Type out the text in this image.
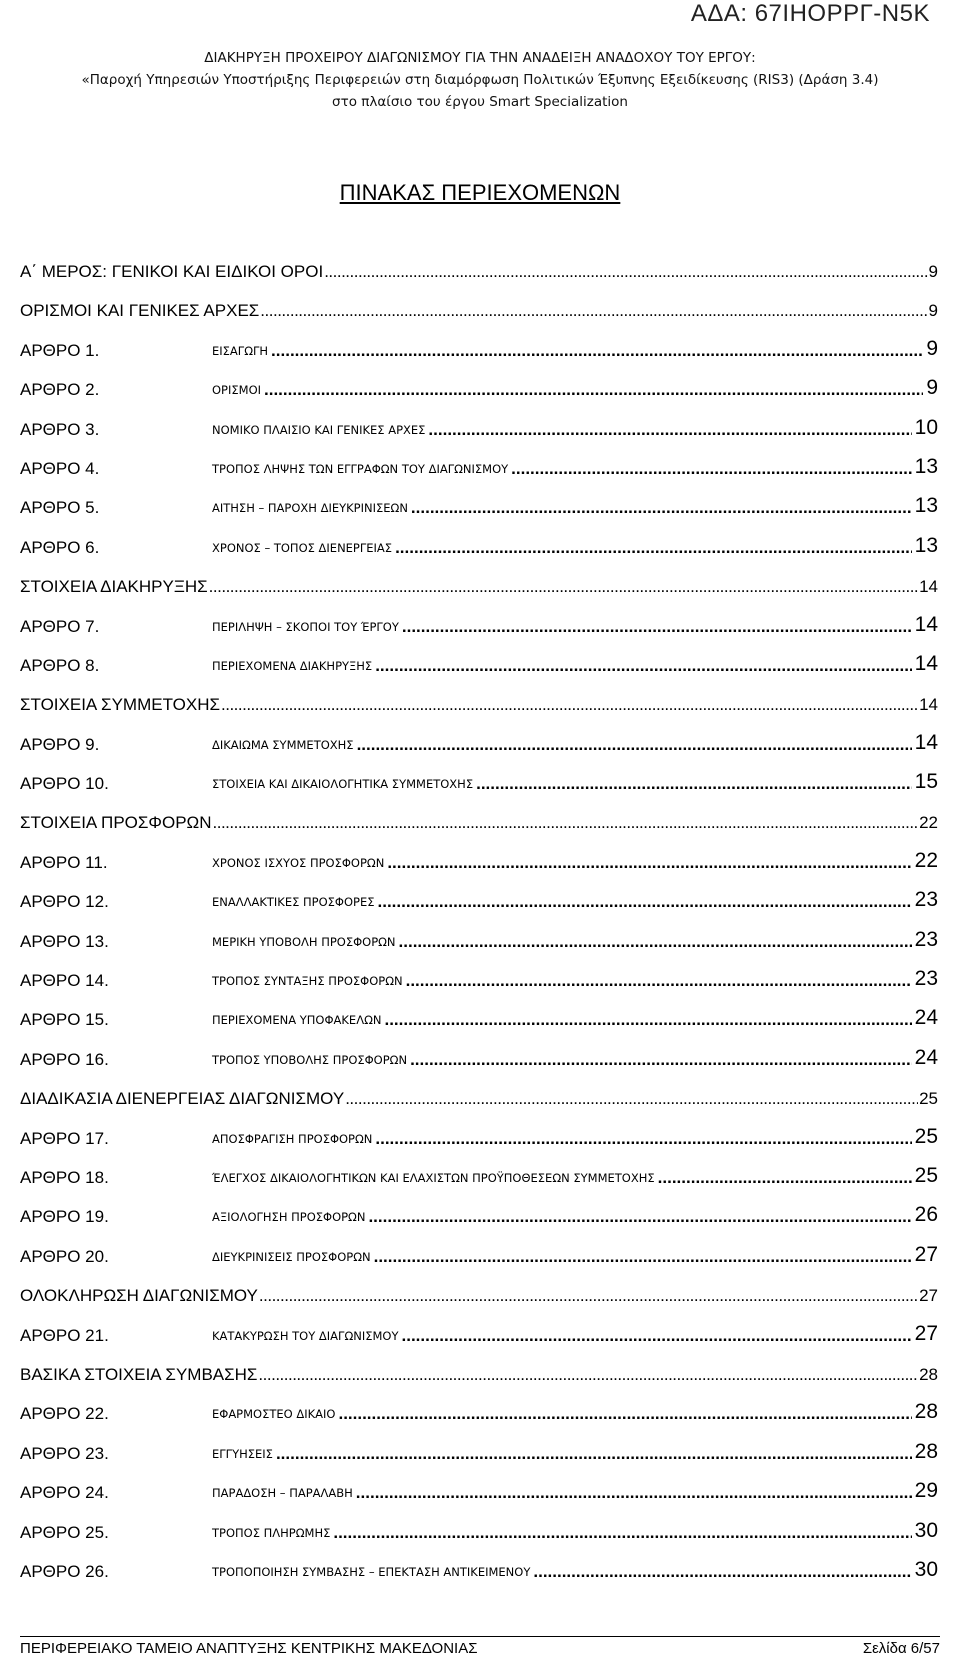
ΑΔΑ: 67ΙΗΟΡΡΓ-Ν5Κ
ΔΙΑΚΗΡΥΞΗ ΠΡΟΧΕΙΡΟΥ ΔΙΑΓΩΝΙΣΜΟΥ ΓΙΑ ΤΗΝ ΑΝΑΔΕΙΞΗ ΑΝΑΔΟΧΟΥ ΤΟΥ ΕΡΓΟΥ:
«Παροχή Υπηρεσιών Υποστήριξης Περιφερειών στη διαμόρφωση Πολιτικών Έξυπνης Εξειδίκευσης (RIS3) (Δράση 3.4)
στο πλαίσιο του έργου Smart Specialization
ΠΙΝΑΚΑΣ ΠΕΡΙΕΧΟΜΕΝΩΝ
Α΄ ΜΕΡΟΣ: ΓΕΝΙΚΟΙ ΚΑΙ ΕΙΔΙΚΟΙ ΟΡΟΙ .....	9
ΟΡΙΣΜΟΙ ΚΑΙ ΓΕΝΙΚΕΣ ΑΡΧΕΣ .....	9
ΑΡΘΡΟ 1.	ΕΙΣΑΓΩΓΗ .....	9
ΑΡΘΡΟ 2.	ΟΡΙΣΜΟΙ .....	9
ΑΡΘΡΟ 3.	ΝΟΜΙΚΟ ΠΛΑΙΣΙΟ ΚΑΙ ΓΕΝΙΚΕΣ ΑΡΧΕΣ .....	10
ΑΡΘΡΟ 4.	ΤΡΟΠΟΣ ΛΗΨΗΣ ΤΩΝ ΕΓΓΡΑΦΩΝ ΤΟΥ ΔΙΑΓΩΝΙΣΜΟΥ .....	13
ΑΡΘΡΟ 5.	ΑΙΤΗΣΗ – ΠΑΡΟΧΗ ΔΙΕΥΚΡΙΝΙΣΕΩΝ .....	13
ΑΡΘΡΟ 6.	ΧΡΟΝΟΣ – ΤΟΠΟΣ ΔΙΕΝΕΡΓΕΙΑΣ .....	13
ΣΤΟΙΧΕΙΑ ΔΙΑΚΗΡΥΞΗΣ .....	14
ΑΡΘΡΟ 7.	ΠΕΡΙΛΗΨΗ – ΣΚΟΠΟΙ ΤΟΥ ΈΡΓΟΥ .....	14
ΑΡΘΡΟ 8.	ΠΕΡΙΕΧΟΜΕΝΑ ΔΙΑΚΗΡΥΞΗΣ .....	14
ΣΤΟΙΧΕΙΑ ΣΥΜΜΕΤΟΧΗΣ .....	14
ΑΡΘΡΟ 9.	ΔΙΚΑΙΩΜΑ ΣΥΜΜΕΤΟΧΗΣ .....	14
ΑΡΘΡΟ 10.	ΣΤΟΙΧΕΙΑ ΚΑΙ ΔΙΚΑΙΟΛΟΓΗΤΙΚΑ ΣΥΜΜΕΤΟΧΗΣ .....	15
ΣΤΟΙΧΕΙΑ ΠΡΟΣΦΟΡΩΝ .....	22
ΑΡΘΡΟ 11.	ΧΡΟΝΟΣ ΙΣΧΥΟΣ ΠΡΟΣΦΟΡΩΝ .....	22
ΑΡΘΡΟ 12.	ΕΝΑΛΛΑΚΤΙΚΕΣ ΠΡΟΣΦΟΡΕΣ .....	23
ΑΡΘΡΟ 13.	ΜΕΡΙΚΗ ΥΠΟΒΟΛΗ ΠΡΟΣΦΟΡΩΝ .....	23
ΑΡΘΡΟ 14.	ΤΡΟΠΟΣ ΣΥΝΤΑΞΗΣ ΠΡΟΣΦΟΡΩΝ .....	23
ΑΡΘΡΟ 15.	ΠΕΡΙΕΧΟΜΕΝΑ ΥΠΟΦΑΚΕΛΩΝ .....	24
ΑΡΘΡΟ 16.	ΤΡΟΠΟΣ ΥΠΟΒΟΛΗΣ ΠΡΟΣΦΟΡΩΝ .....	24
ΔΙΑΔΙΚΑΣΙΑ ΔΙΕΝΕΡΓΕΙΑΣ ΔΙΑΓΩΝΙΣΜΟΥ .....	25
ΑΡΘΡΟ 17.	ΑΠΟΣΦΡΑΓΙΣΗ ΠΡΟΣΦΟΡΩΝ .....	25
ΑΡΘΡΟ 18.	ΈΛΕΓΧΟΣ ΔΙΚΑΙΟΛΟΓΗΤΙΚΩΝ ΚΑΙ ΕΛΑΧΙΣΤΩΝ ΠΡΟΫΠΟΘΕΣΕΩΝ ΣΥΜΜΕΤΟΧΗΣ .....	25
ΑΡΘΡΟ 19.	ΑΞΙΟΛΟΓΗΣΗ ΠΡΟΣΦΟΡΩΝ .....	26
ΑΡΘΡΟ 20.	ΔΙΕΥΚΡΙΝΙΣΕΙΣ ΠΡΟΣΦΟΡΩΝ .....	27
ΟΛΟΚΛΗΡΩΣΗ ΔΙΑΓΩΝΙΣΜΟΥ .....	27
ΑΡΘΡΟ 21.	ΚΑΤΑΚΥΡΩΣΗ ΤΟΥ ΔΙΑΓΩΝΙΣΜΟΥ .....	27
ΒΑΣΙΚΑ ΣΤΟΙΧΕΙΑ ΣΥΜΒΑΣΗΣ .....	28
ΑΡΘΡΟ 22.	ΕΦΑΡΜΟΣΤΕΟ ΔΙΚΑΙΟ .....	28
ΑΡΘΡΟ 23.	ΕΓΓΥΗΣΕΙΣ .....	28
ΑΡΘΡΟ 24.	ΠΑΡΑΔΟΣΗ – ΠΑΡΑΛΑΒΗ .....	29
ΑΡΘΡΟ 25.	ΤΡΟΠΟΣ ΠΛΗΡΩΜΗΣ .....	30
ΑΡΘΡΟ 26.	ΤΡΟΠΟΠΟΙΗΣΗ ΣΥΜΒΑΣΗΣ – ΕΠΕΚΤΑΣΗ ΑΝΤΙΚΕΙΜΕΝΟΥ .....	30
ΠΕΡΙΦΕΡΕΙΑΚΟ ΤΑΜΕΙΟ ΑΝΑΠΤΥΞΗΣ ΚΕΝΤΡΙΚΗΣ ΜΑΚΕΔΟΝΙΑΣ	Σελίδα 6/57
